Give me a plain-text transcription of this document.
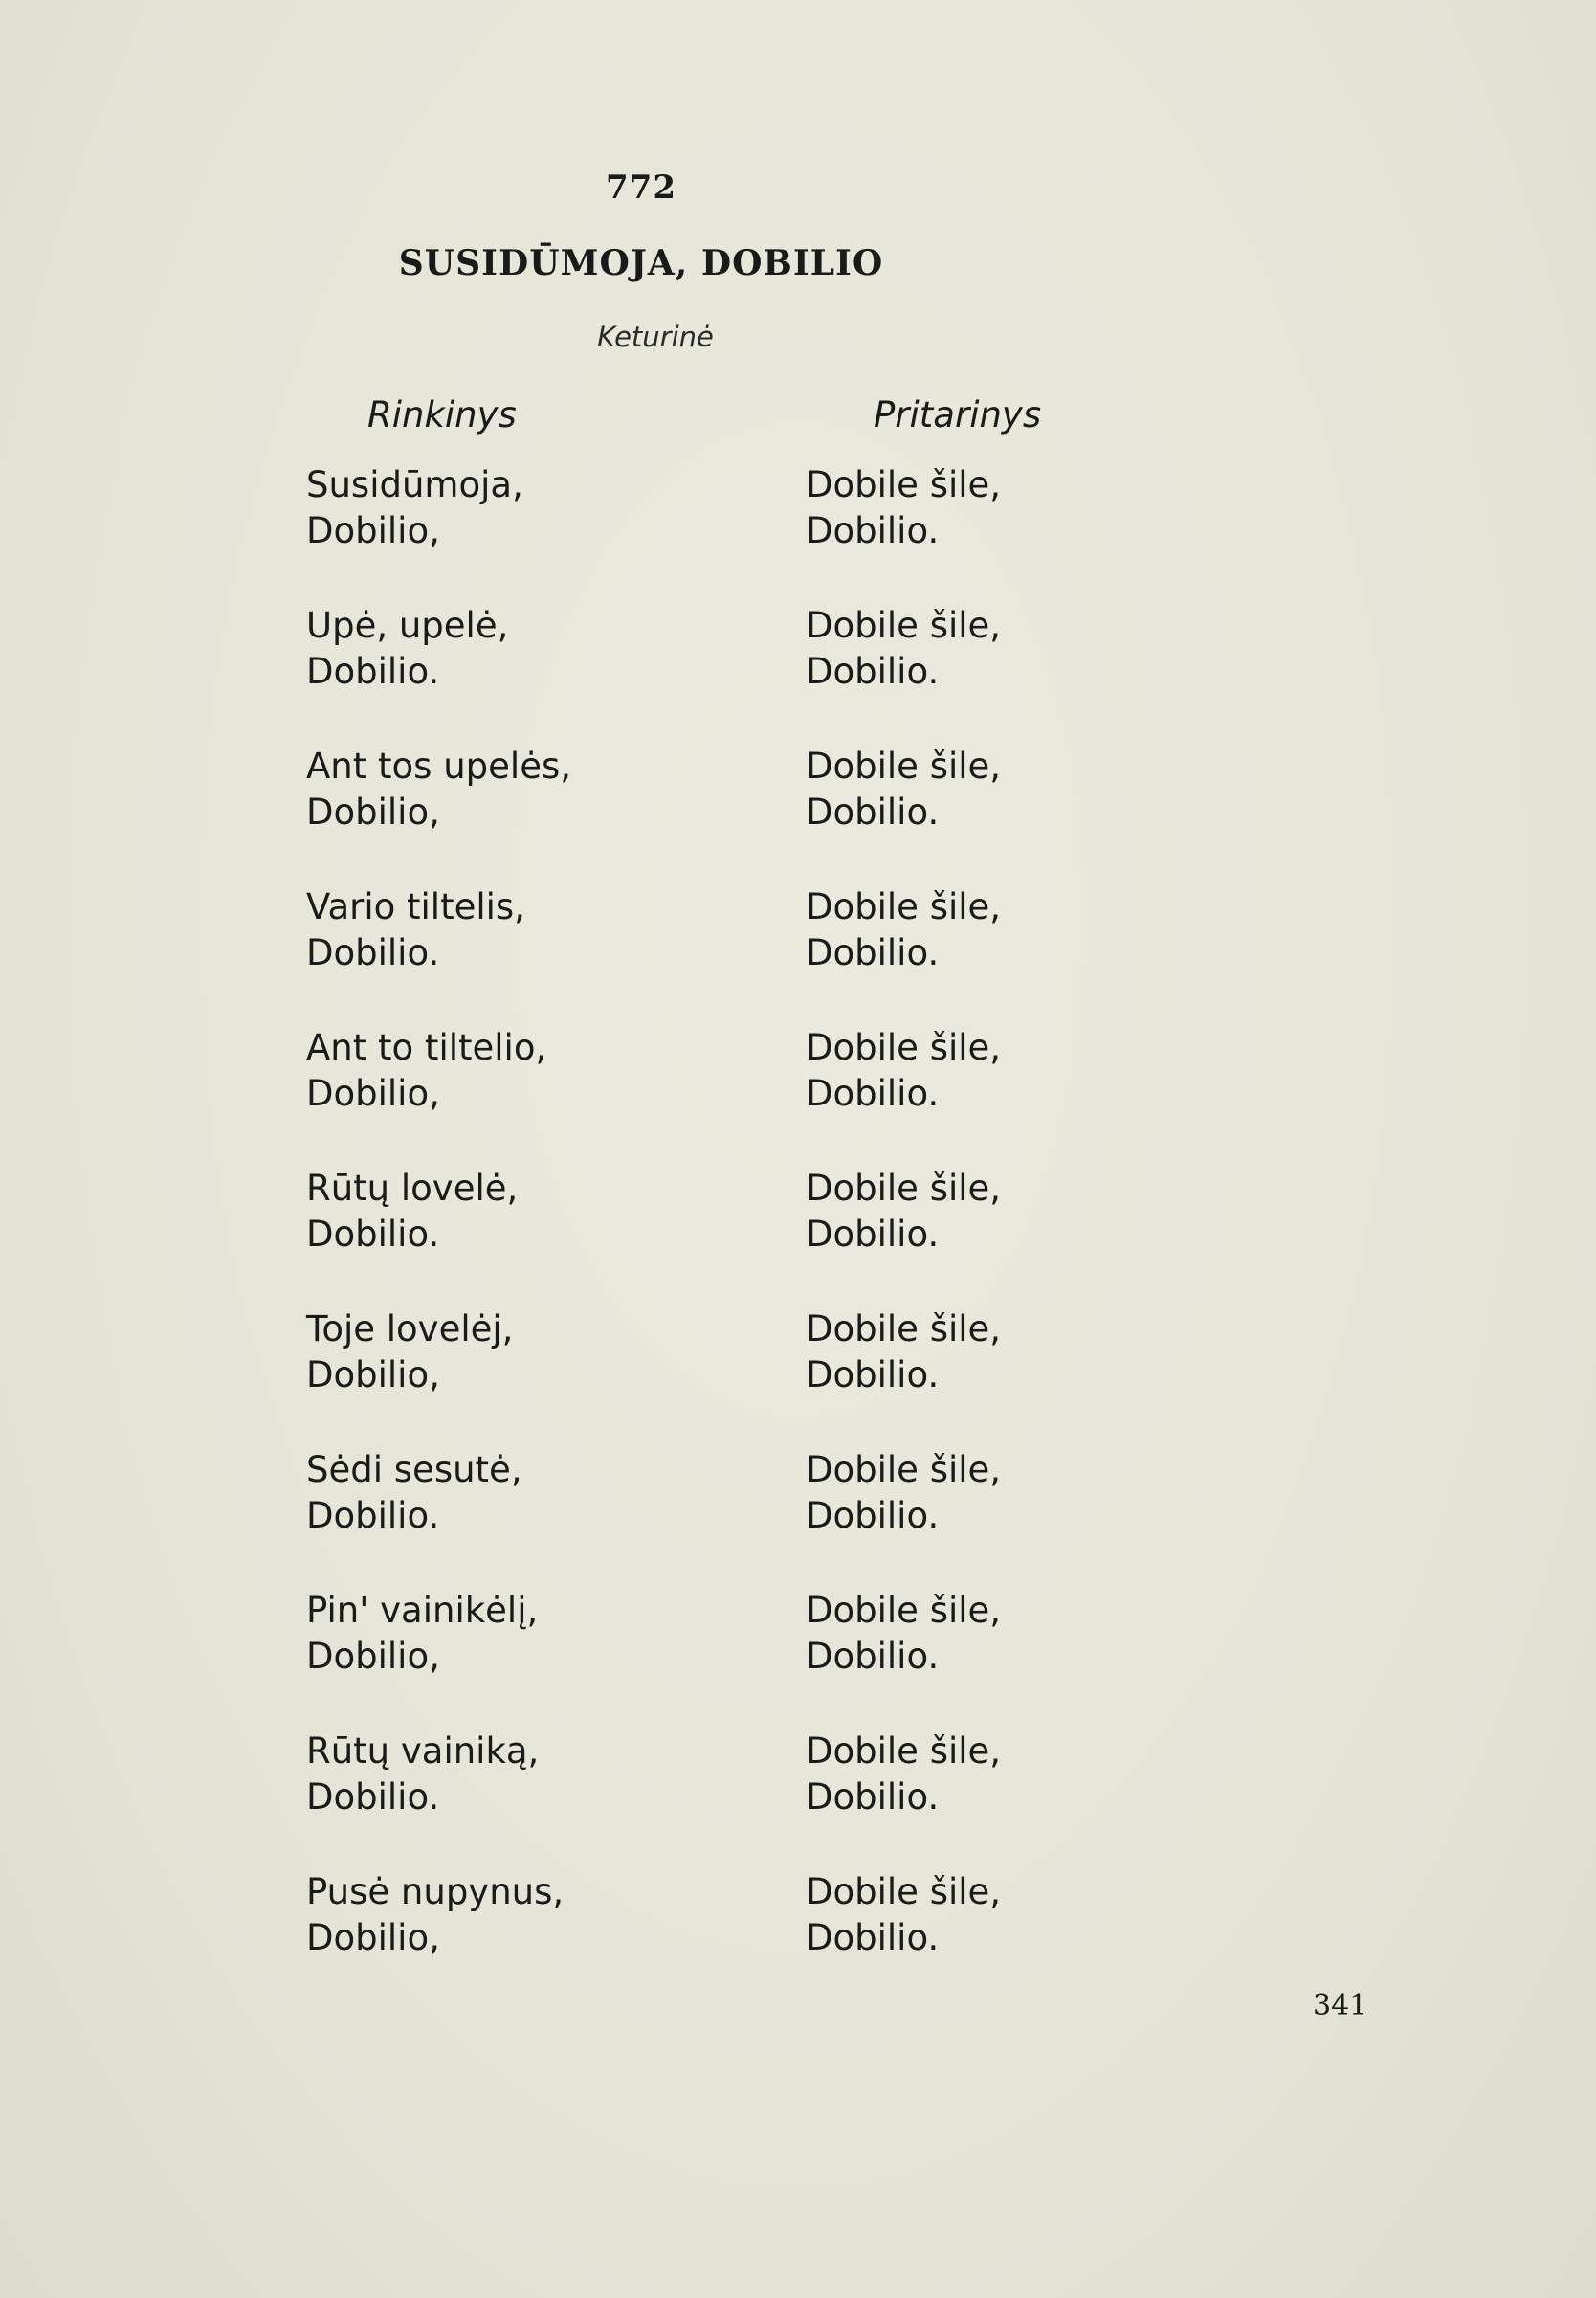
772
SUSIDŪMOJA, DOBILIO
Keturinė
Rinkinys	Pritarinys
Susidūmoja,
Dobilio,
Dobile šile,
Dobilio.
Upė, upelė,
Dobilio.
Dobile šile,
Dobilio.
Ant tos upelės,
Dobilio,
Dobile šile,
Dobilio.
Vario tiltelis,
Dobilio.
Dobile šile,
Dobilio.
Ant to tiltelio,
Dobilio,
Dobile šile,
Dobilio.
Rūtų lovelė,
Dobilio.
Dobile šile,
Dobilio.
Toje lovelėj,
Dobilio,
Dobile šile,
Dobilio.
Sėdi sesutė,
Dobilio.
Dobile šile,
Dobilio.
Pin' vainikėlį,
Dobilio,
Dobile šile,
Dobilio.
Rūtų vainiką,
Dobilio.
Dobile šile,
Dobilio.
Pusė nupynus,
Dobilio,
Dobile šile,
Dobilio.
341
